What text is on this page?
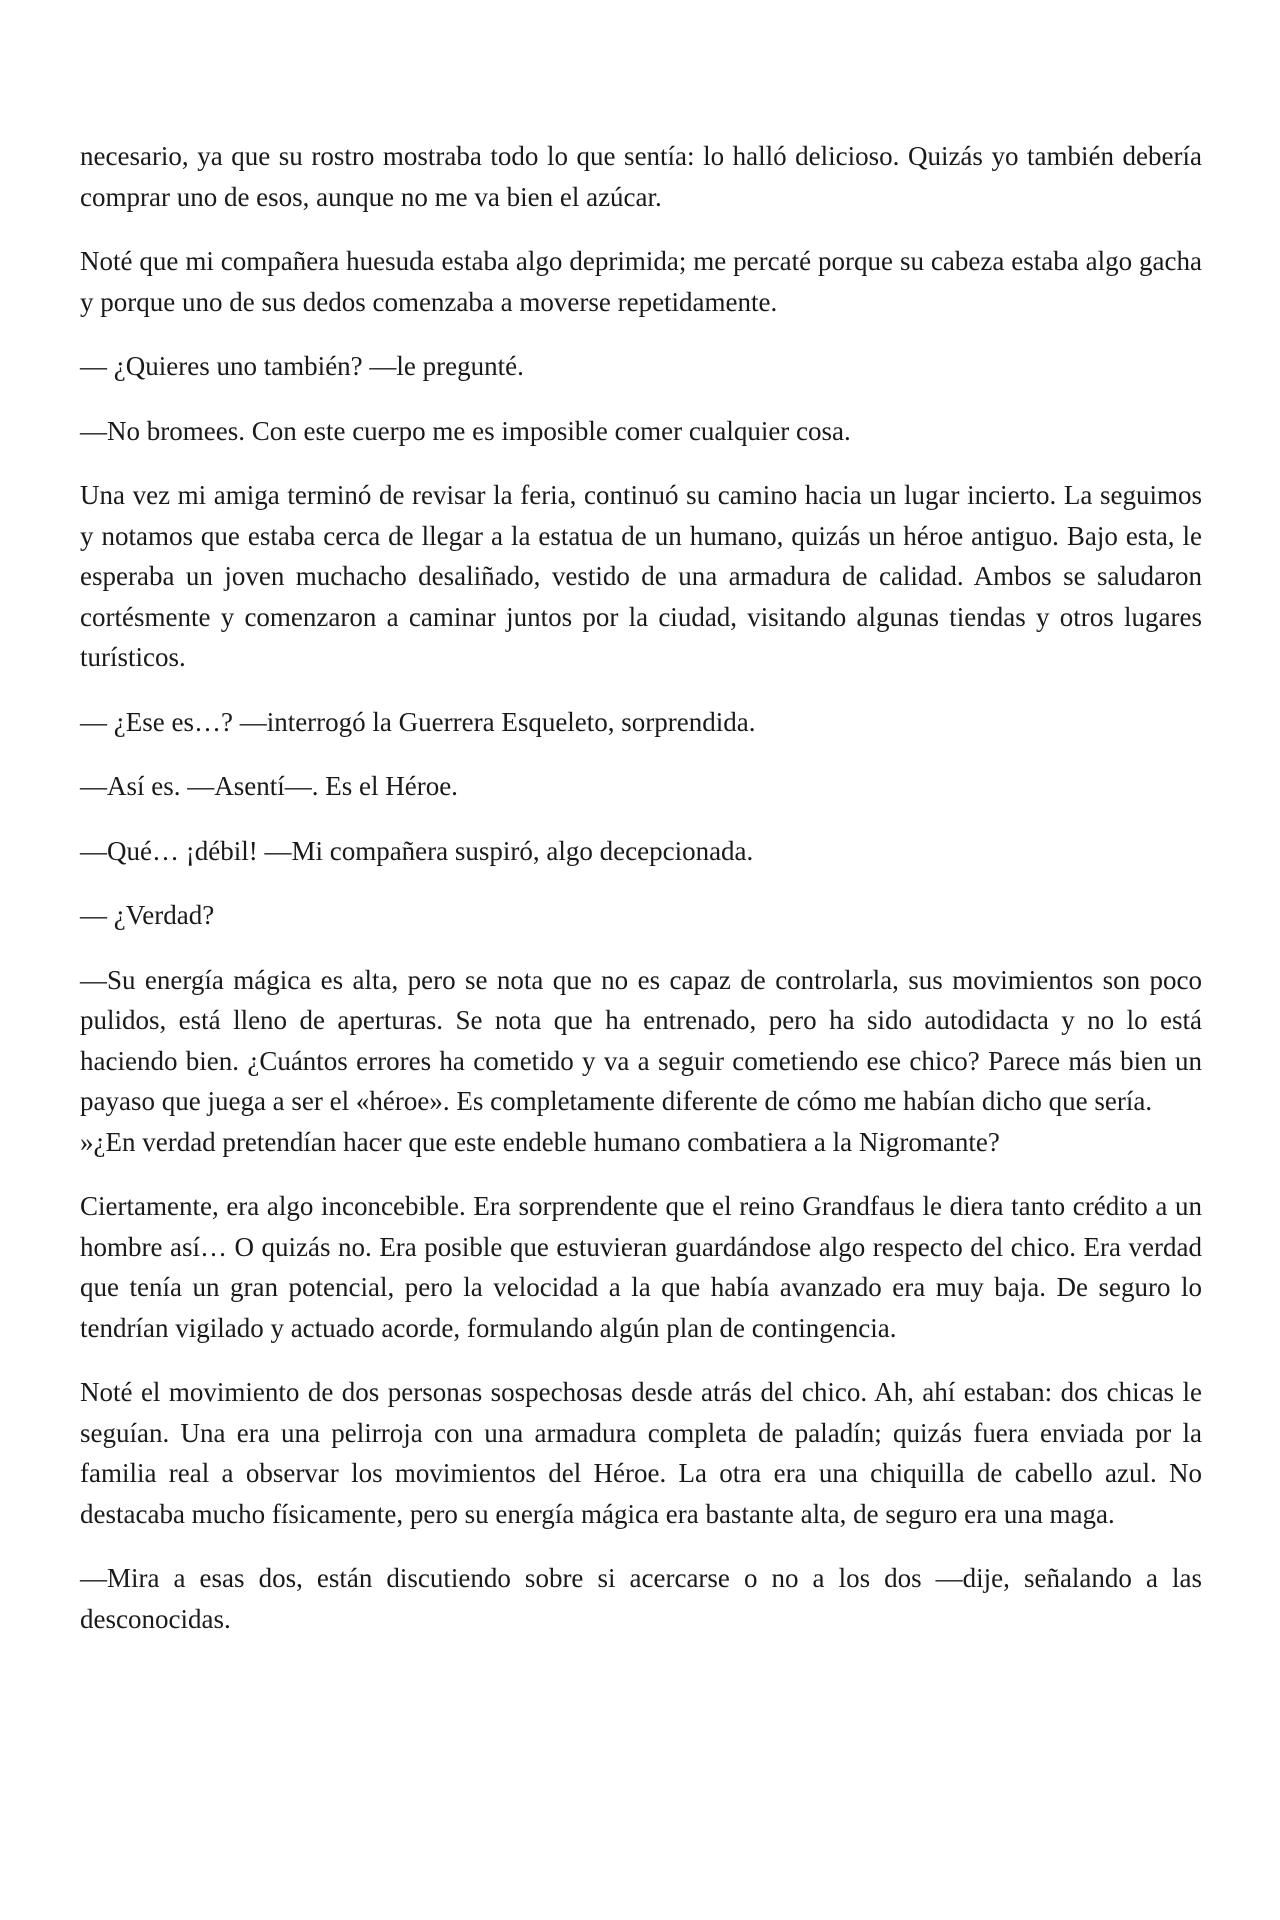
necesario, ya que su rostro mostraba todo lo que sentía: lo halló delicioso. Quizás yo también debería comprar uno de esos, aunque no me va bien el azúcar.

Noté que mi compañera huesuda estaba algo deprimida; me percaté porque su cabeza estaba algo gacha y porque uno de sus dedos comenzaba a moverse repetidamente.

— ¿Quieres uno también? —le pregunté.

—No bromees. Con este cuerpo me es imposible comer cualquier cosa.

Una vez mi amiga terminó de revisar la feria, continuó su camino hacia un lugar incierto. La seguimos y notamos que estaba cerca de llegar a la estatua de un humano, quizás un héroe antiguo. Bajo esta, le esperaba un joven muchacho desaliñado, vestido de una armadura de calidad. Ambos se saludaron cortésmente y comenzaron a caminar juntos por la ciudad, visitando algunas tiendas y otros lugares turísticos.

— ¿Ese es…? —interrogó la Guerrera Esqueleto, sorprendida.

—Así es. —Asentí—. Es el Héroe.

—Qué… ¡débil! —Mi compañera suspiró, algo decepcionada.

— ¿Verdad?

—Su energía mágica es alta, pero se nota que no es capaz de controlarla, sus movimientos son poco pulidos, está lleno de aperturas. Se nota que ha entrenado, pero ha sido autodidacta y no lo está haciendo bien. ¿Cuántos errores ha cometido y va a seguir cometiendo ese chico? Parece más bien un payaso que juega a ser el «héroe». Es completamente diferente de cómo me habían dicho que sería.

»¿En verdad pretendían hacer que este endeble humano combatiera a la Nigromante?

Ciertamente, era algo inconcebible. Era sorprendente que el reino Grandfaus le diera tanto crédito a un hombre así… O quizás no. Era posible que estuvieran guardándose algo respecto del chico. Era verdad que tenía un gran potencial, pero la velocidad a la que había avanzado era muy baja. De seguro lo tendrían vigilado y actuado acorde, formulando algún plan de contingencia.

Noté el movimiento de dos personas sospechosas desde atrás del chico. Ah, ahí estaban: dos chicas le seguían. Una era una pelirroja con una armadura completa de paladín; quizás fuera enviada por la familia real a observar los movimientos del Héroe. La otra era una chiquilla de cabello azul. No destacaba mucho físicamente, pero su energía mágica era bastante alta, de seguro era una maga.

—Mira a esas dos, están discutiendo sobre si acercarse o no a los dos —dije, señalando a las desconocidas.
